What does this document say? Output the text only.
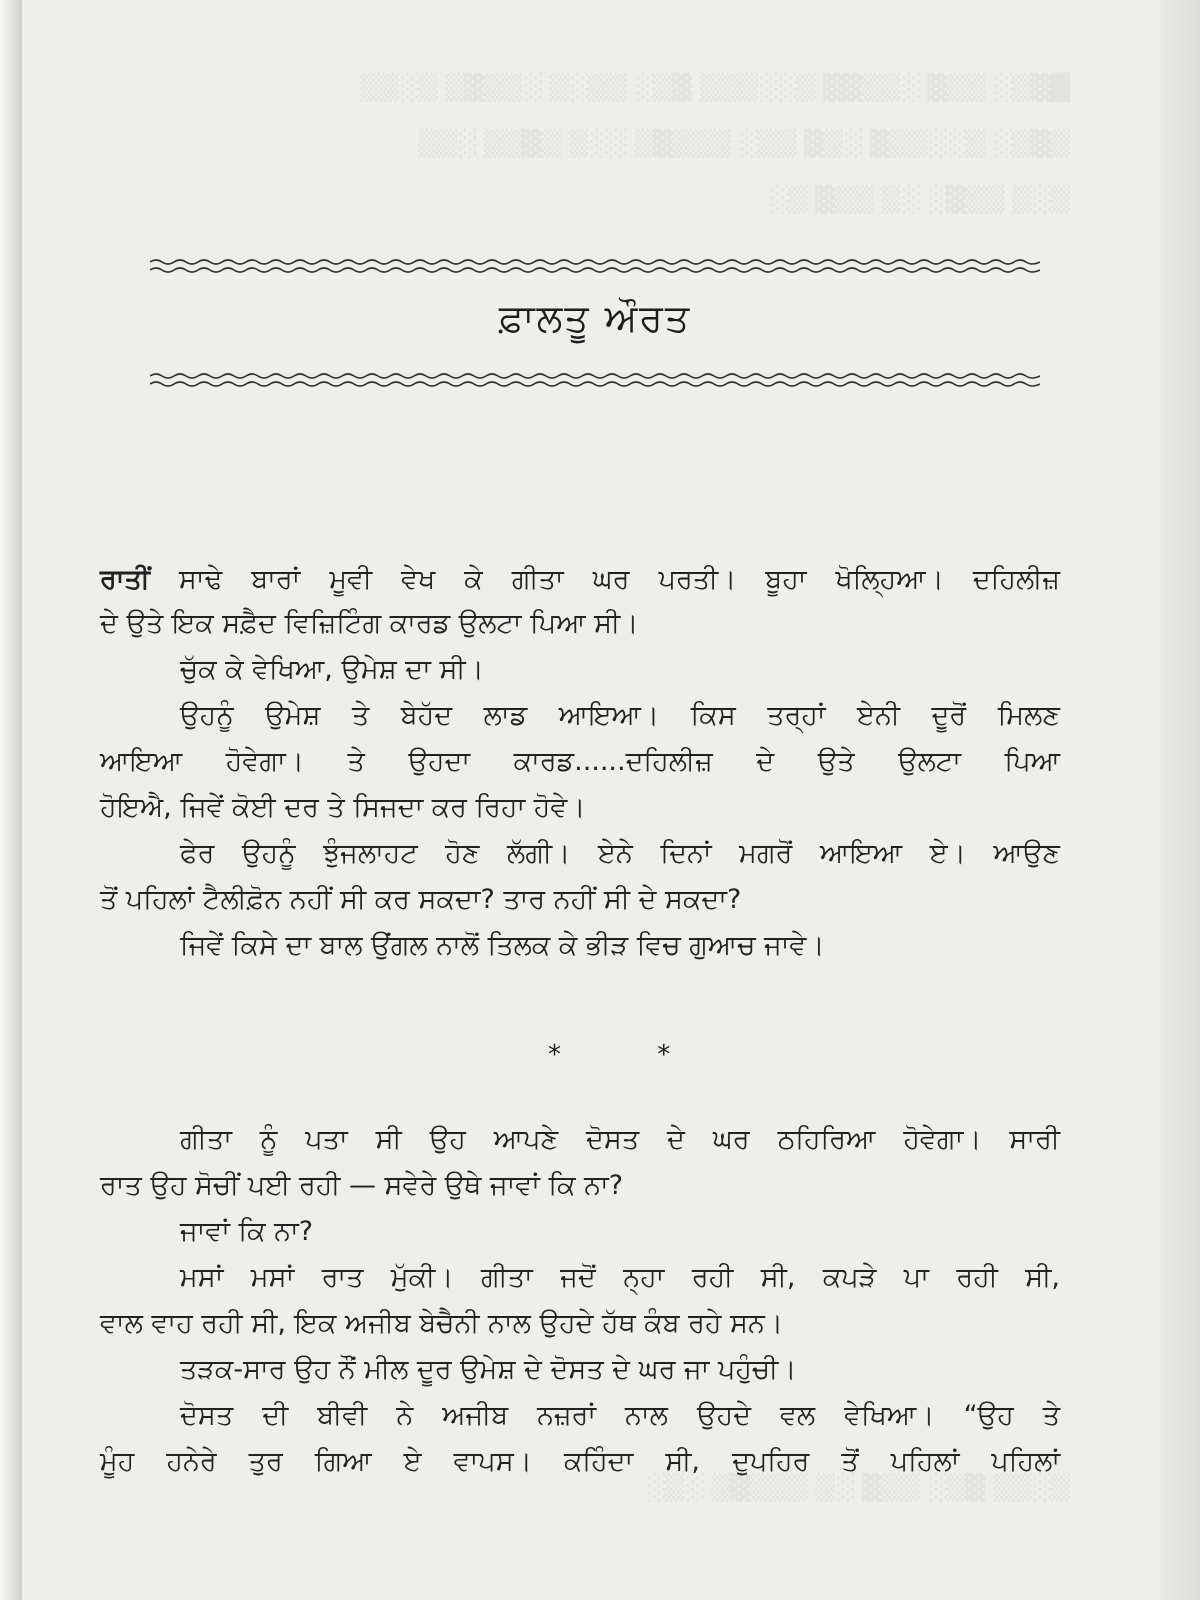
█▓▒░ ▒▒▓ ░▒▒▓▓ ▒░░▒▒▒ ▓▒░ ▒▒░▒ ░▒▒▓▒ ▒░▒▒
▒▓▒░ ▒░░▒▒▓ ░▒▓ ▒▒░ ▒▒▒▓▒ ░░▒ ▒▓▒▒ ░▒▒
▒░▒ ▒▒▓░ ░▒ ▒▒▓ ▒░
ਫ਼ਾਲਤੂ ਔਰਤ
ਰਾਤੀਂ ਸਾਢੇ ਬਾਰਾਂ ਮੂਵੀ ਵੇਖ ਕੇ ਗੀਤਾ ਘਰ ਪਰਤੀ। ਬੂਹਾ ਖੋਲ੍ਹਿਆ। ਦਹਿਲੀਜ਼
ਦੇ ਉਤੇ ਇਕ ਸਫ਼ੈਦ ਵਿਜ਼ਿਟਿੰਗ ਕਾਰਡ ਉਲਟਾ ਪਿਆ ਸੀ।
ਚੁੱਕ ਕੇ ਵੇਖਿਆ, ਉਮੇਸ਼ ਦਾ ਸੀ।
ਉਹਨੂੰ ਉਮੇਸ਼ ਤੇ ਬੇਹੱਦ ਲਾਡ ਆਇਆ। ਕਿਸ ਤਰ੍ਹਾਂ ਏਨੀ ਦੂਰੋਂ ਮਿਲਣ
ਆਇਆ ਹੋਵੇਗਾ। ਤੇ ਉਹਦਾ ਕਾਰਡ......ਦਹਿਲੀਜ਼ ਦੇ ਉਤੇ ਉਲਟਾ ਪਿਆ
ਹੋਇਐ, ਜਿਵੇਂ ਕੋਈ ਦਰ ਤੇ ਸਿਜਦਾ ਕਰ ਰਿਹਾ ਹੋਵੇ।
ਫੇਰ ਉਹਨੂੰ ਝੁੰਜਲਾਹਟ ਹੋਣ ਲੱਗੀ। ਏਨੇ ਦਿਨਾਂ ਮਗਰੋਂ ਆਇਆ ਏ। ਆਉਣ
ਤੋਂ ਪਹਿਲਾਂ ਟੈਲੀਫ਼ੋਨ ਨਹੀਂ ਸੀ ਕਰ ਸਕਦਾ? ਤਾਰ ਨਹੀਂ ਸੀ ਦੇ ਸਕਦਾ?
ਜਿਵੇਂ ਕਿਸੇ ਦਾ ਬਾਲ ਉਂਗਲ ਨਾਲੋਂ ਤਿਲਕ ਕੇ ਭੀੜ ਵਿਚ ਗੁਆਚ ਜਾਵੇ।
* *
ਗੀਤਾ ਨੂੰ ਪਤਾ ਸੀ ਉਹ ਆਪਣੇ ਦੋਸਤ ਦੇ ਘਰ ਠਹਿਰਿਆ ਹੋਵੇਗਾ। ਸਾਰੀ
ਰਾਤ ਉਹ ਸੋਚੀਂ ਪਈ ਰਹੀ — ਸਵੇਰੇ ਉਥੇ ਜਾਵਾਂ ਕਿ ਨਾ?
ਜਾਵਾਂ ਕਿ ਨਾ?
ਮਸਾਂ ਮਸਾਂ ਰਾਤ ਮੁੱਕੀ। ਗੀਤਾ ਜਦੋਂ ਨ੍ਹਾ ਰਹੀ ਸੀ, ਕਪੜੇ ਪਾ ਰਹੀ ਸੀ,
ਵਾਲ ਵਾਹ ਰਹੀ ਸੀ, ਇਕ ਅਜੀਬ ਬੇਚੈਨੀ ਨਾਲ ਉਹਦੇ ਹੱਥ ਕੰਬ ਰਹੇ ਸਨ।
ਤੜਕ-ਸਾਰ ਉਹ ਨੌਂ ਮੀਲ ਦੂਰ ਉਮੇਸ਼ ਦੇ ਦੋਸਤ ਦੇ ਘਰ ਜਾ ਪਹੁੰਚੀ।
ਦੋਸਤ ਦੀ ਬੀਵੀ ਨੇ ਅਜੀਬ ਨਜ਼ਰਾਂ ਨਾਲ ਉਹਦੇ ਵਲ ਵੇਖਿਆ। “ਉਹ ਤੇ
ਮੂੰਹ ਹਨੇਰੇ ਤੁਰ ਗਿਆ ਏ ਵਾਪਸ। ਕਹਿੰਦਾ ਸੀ, ਦੁਪਹਿਰ ਤੋਂ ਪਹਿਲਾਂ ਪਹਿਲਾਂ
▒░▒▒ ▓▒░ ▒▒▓ ░▒ ▒▒▒▓▒ ░▒░
